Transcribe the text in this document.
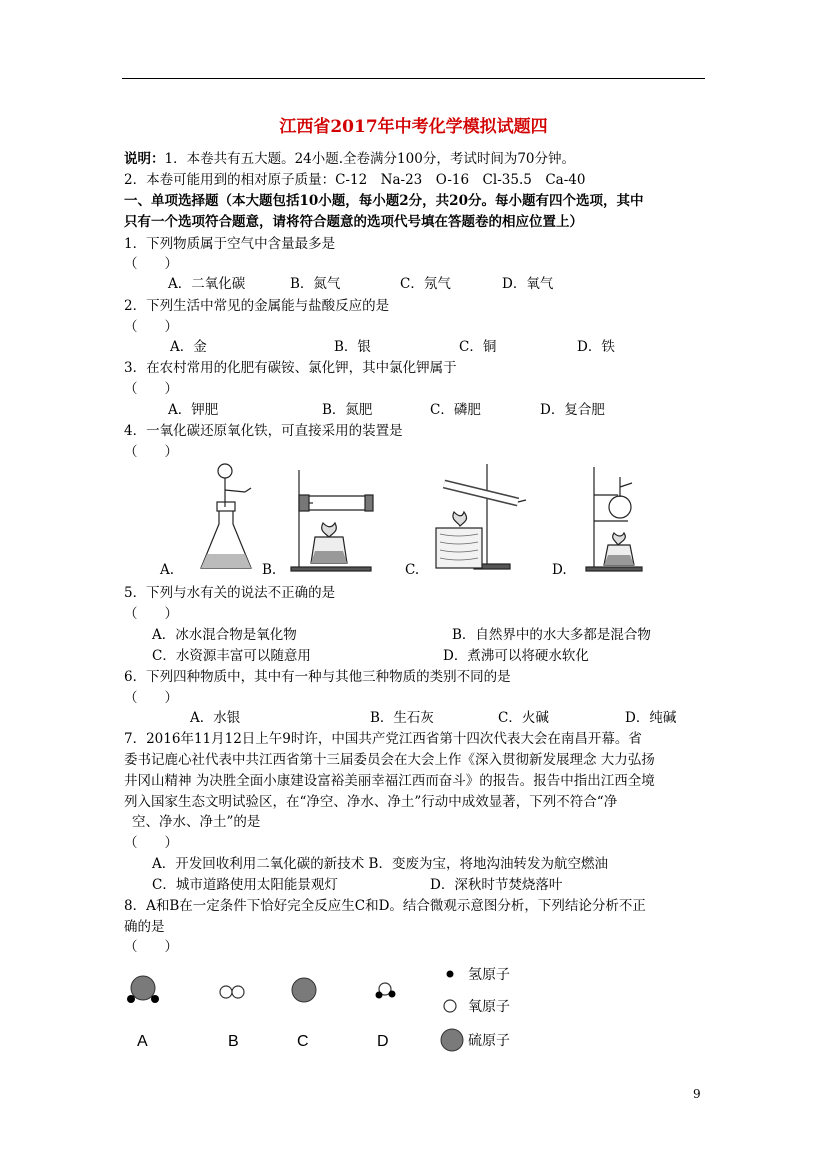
江西省2017年中考化学模拟试题四
说明：1．本卷共有五大题。24小题.全卷满分100分，考试时间为70分钟。
2．本卷可能用到的相对原子质量：C-12　Na-23　O-16　Cl-35.5　Ca-40
一、单项选择题（本大题包括10小题，每小题2分，共20分。每小题有四个选项，其中
只有一个选项符合题意，请将符合题意的选项代号填在答题卷的相应位置上）
1．下列物质属于空气中含量最多是
（　　）
A．二氧化碳	B．氮气	C．氖气	D．氧气
2．下列生活中常见的金属能与盐酸反应的是
（　　）
A．金	B．银	C．铜	D．铁
3．在农村常用的化肥有碳铵、氯化钾，其中氯化钾属于
（　　）
A．钾肥	B．氮肥	C．磷肥	D．复合肥
4．一氧化碳还原氧化铁，可直接采用的装置是
（　　）
A.	B.	C.	D.
5．下列与水有关的说法不正确的是
（　　）
A．冰水混合物是氧化物	B．自然界中的水大多都是混合物
C．水资源丰富可以随意用	D．煮沸可以将硬水软化
6．下列四种物质中，其中有一种与其他三种物质的类别不同的是
（　　）
A．水银	B．生石灰	C．火碱	D．纯碱
7．2016年11月12日上午9时许，中国共产党江西省第十四次代表大会在南昌开幕。省
委书记鹿心社代表中共江西省第十三届委员会在大会上作《深入贯彻新发展理念 大力弘扬
井冈山精神 为决胜全面小康建设富裕美丽幸福江西而奋斗》的报告。报告中指出江西全境
列入国家生态文明试验区，在“净空、净水、净土”行动中成效显著，下列不符合“净
空、净水、净土”的是
（　　）
A．开发回收利用二氧化碳的新技术 B．变废为宝，将地沟油转发为航空燃油
C．城市道路使用太阳能景观灯	D．深秋时节焚烧落叶
8．A和B在一定条件下恰好完全反应生C和D。结合微观示意图分析，下列结论分析不正
确的是
（　　）
A	B	C	D
氢原子
氧原子
硫原子
9
